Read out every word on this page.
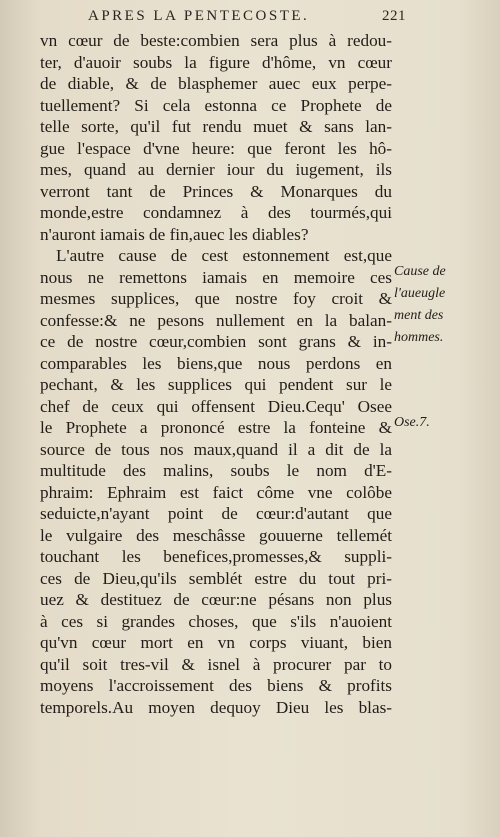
APRES LA PENTECOSTE.	221
vn cœur de beste:combien sera plus à redou-
ter, d'auoir soubs la figure d'hôme, vn cœur
de diable, & de blasphemer auec eux perpe-
tuellement? Si cela estonna ce Prophete de
telle sorte, qu'il fut rendu muet & sans lan-
gue l'espace d'vne heure: que feront les hô-
mes, quand au dernier iour du iugement, ils
verront tant de Princes & Monarques du
monde,estre condamnez à des tourmés,qui
n'auront iamais de fin,auec les diables?
L'autre cause de cest estonnement est,que
nous ne remettons iamais en memoire ces
mesmes supplices, que nostre foy croit &
confesse:& ne pesons nullement en la balan-
ce de nostre cœur,combien sont grans & in-
comparables les biens,que nous perdons en
pechant, & les supplices qui pendent sur le
chef de ceux qui offensent Dieu.Cequ' Osee
le Prophete a prononcé estre la fonteine &
source de tous nos maux,quand il a dit de la
multitude des malins, soubs le nom d'E-
phraim: Ephraim est faict côme vne colôbe
seduicte,n'ayant point de cœur:d'autant que
le vulgaire des meschâsse gouuerne tellemét
touchant les benefices,promesses,& suppli-
ces de Dieu,qu'ils semblét estre du tout pri-
uez & destituez de cœur:ne pésans non plus
à ces si grandes choses, que s'ils n'auoient
qu'vn cœur mort en vn corps viuant, bien
qu'il soit tres-vil & isnel à procurer par to
moyens l'accroissement des biens & profits
temporels.Au moyen dequoy Dieu les blas-
Cause de
l'aueugle
ment des
hommes.
Ose.7.
